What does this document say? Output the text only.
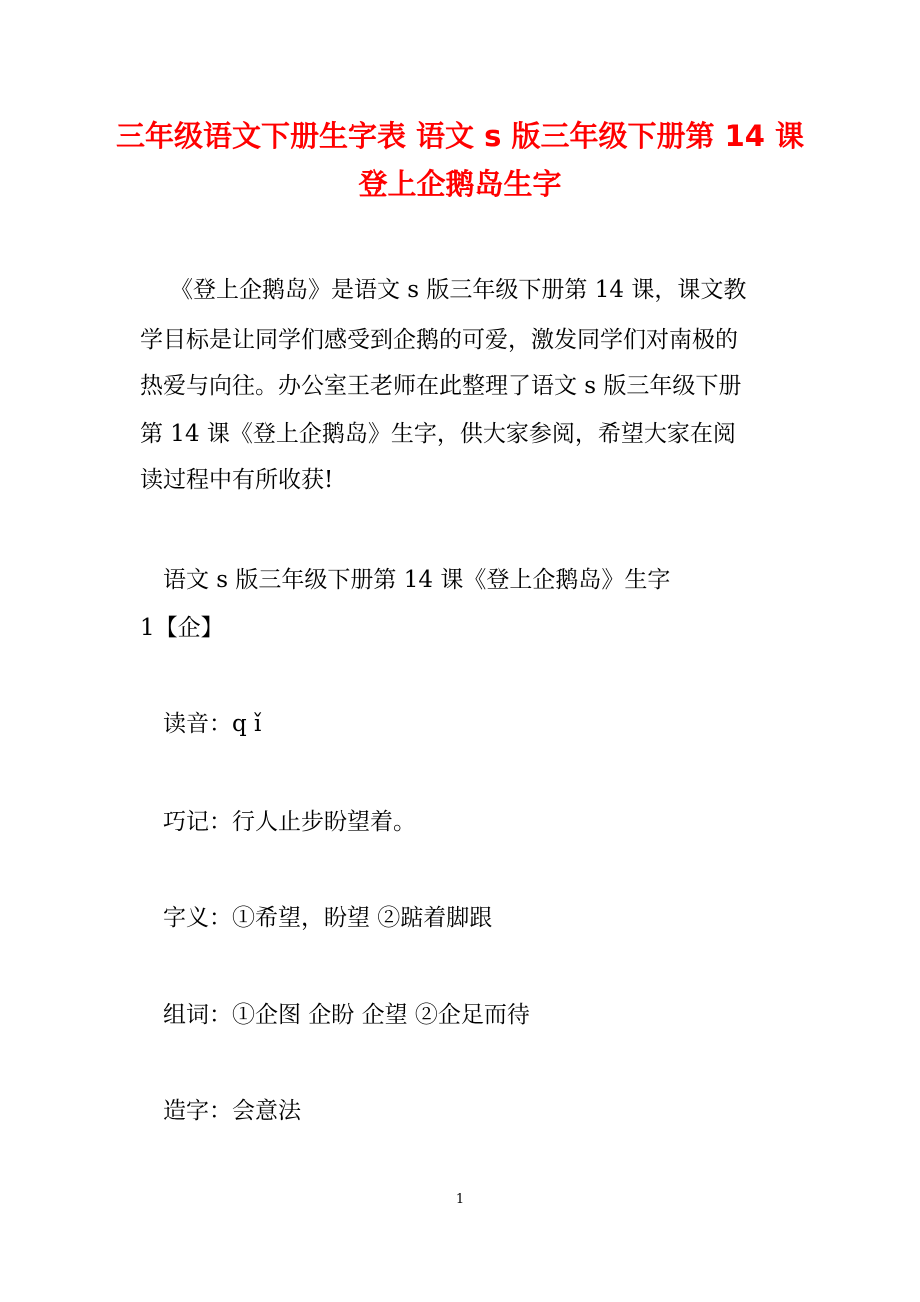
三年级语文下册生字表 语文 s 版三年级下册第 14 课
登上企鹅岛生字
《登上企鹅岛》是语文 s 版三年级下册第 14 课，课文教
学目标是让同学们感受到企鹅的可爱，激发同学们对南极的
热爱与向往。办公室王老师在此整理了语文 s 版三年级下册
第 14 课《登上企鹅岛》生字，供大家参阅，希望大家在阅
读过程中有所收获!
语文 s 版三年级下册第 14 课《登上企鹅岛》生字
1【企】
读音：q ǐ
巧记：行人止步盼望着。
字义：①希望，盼望 ②踮着脚跟
组词：①企图 企盼 企望 ②企足而待
造字：会意法
1
